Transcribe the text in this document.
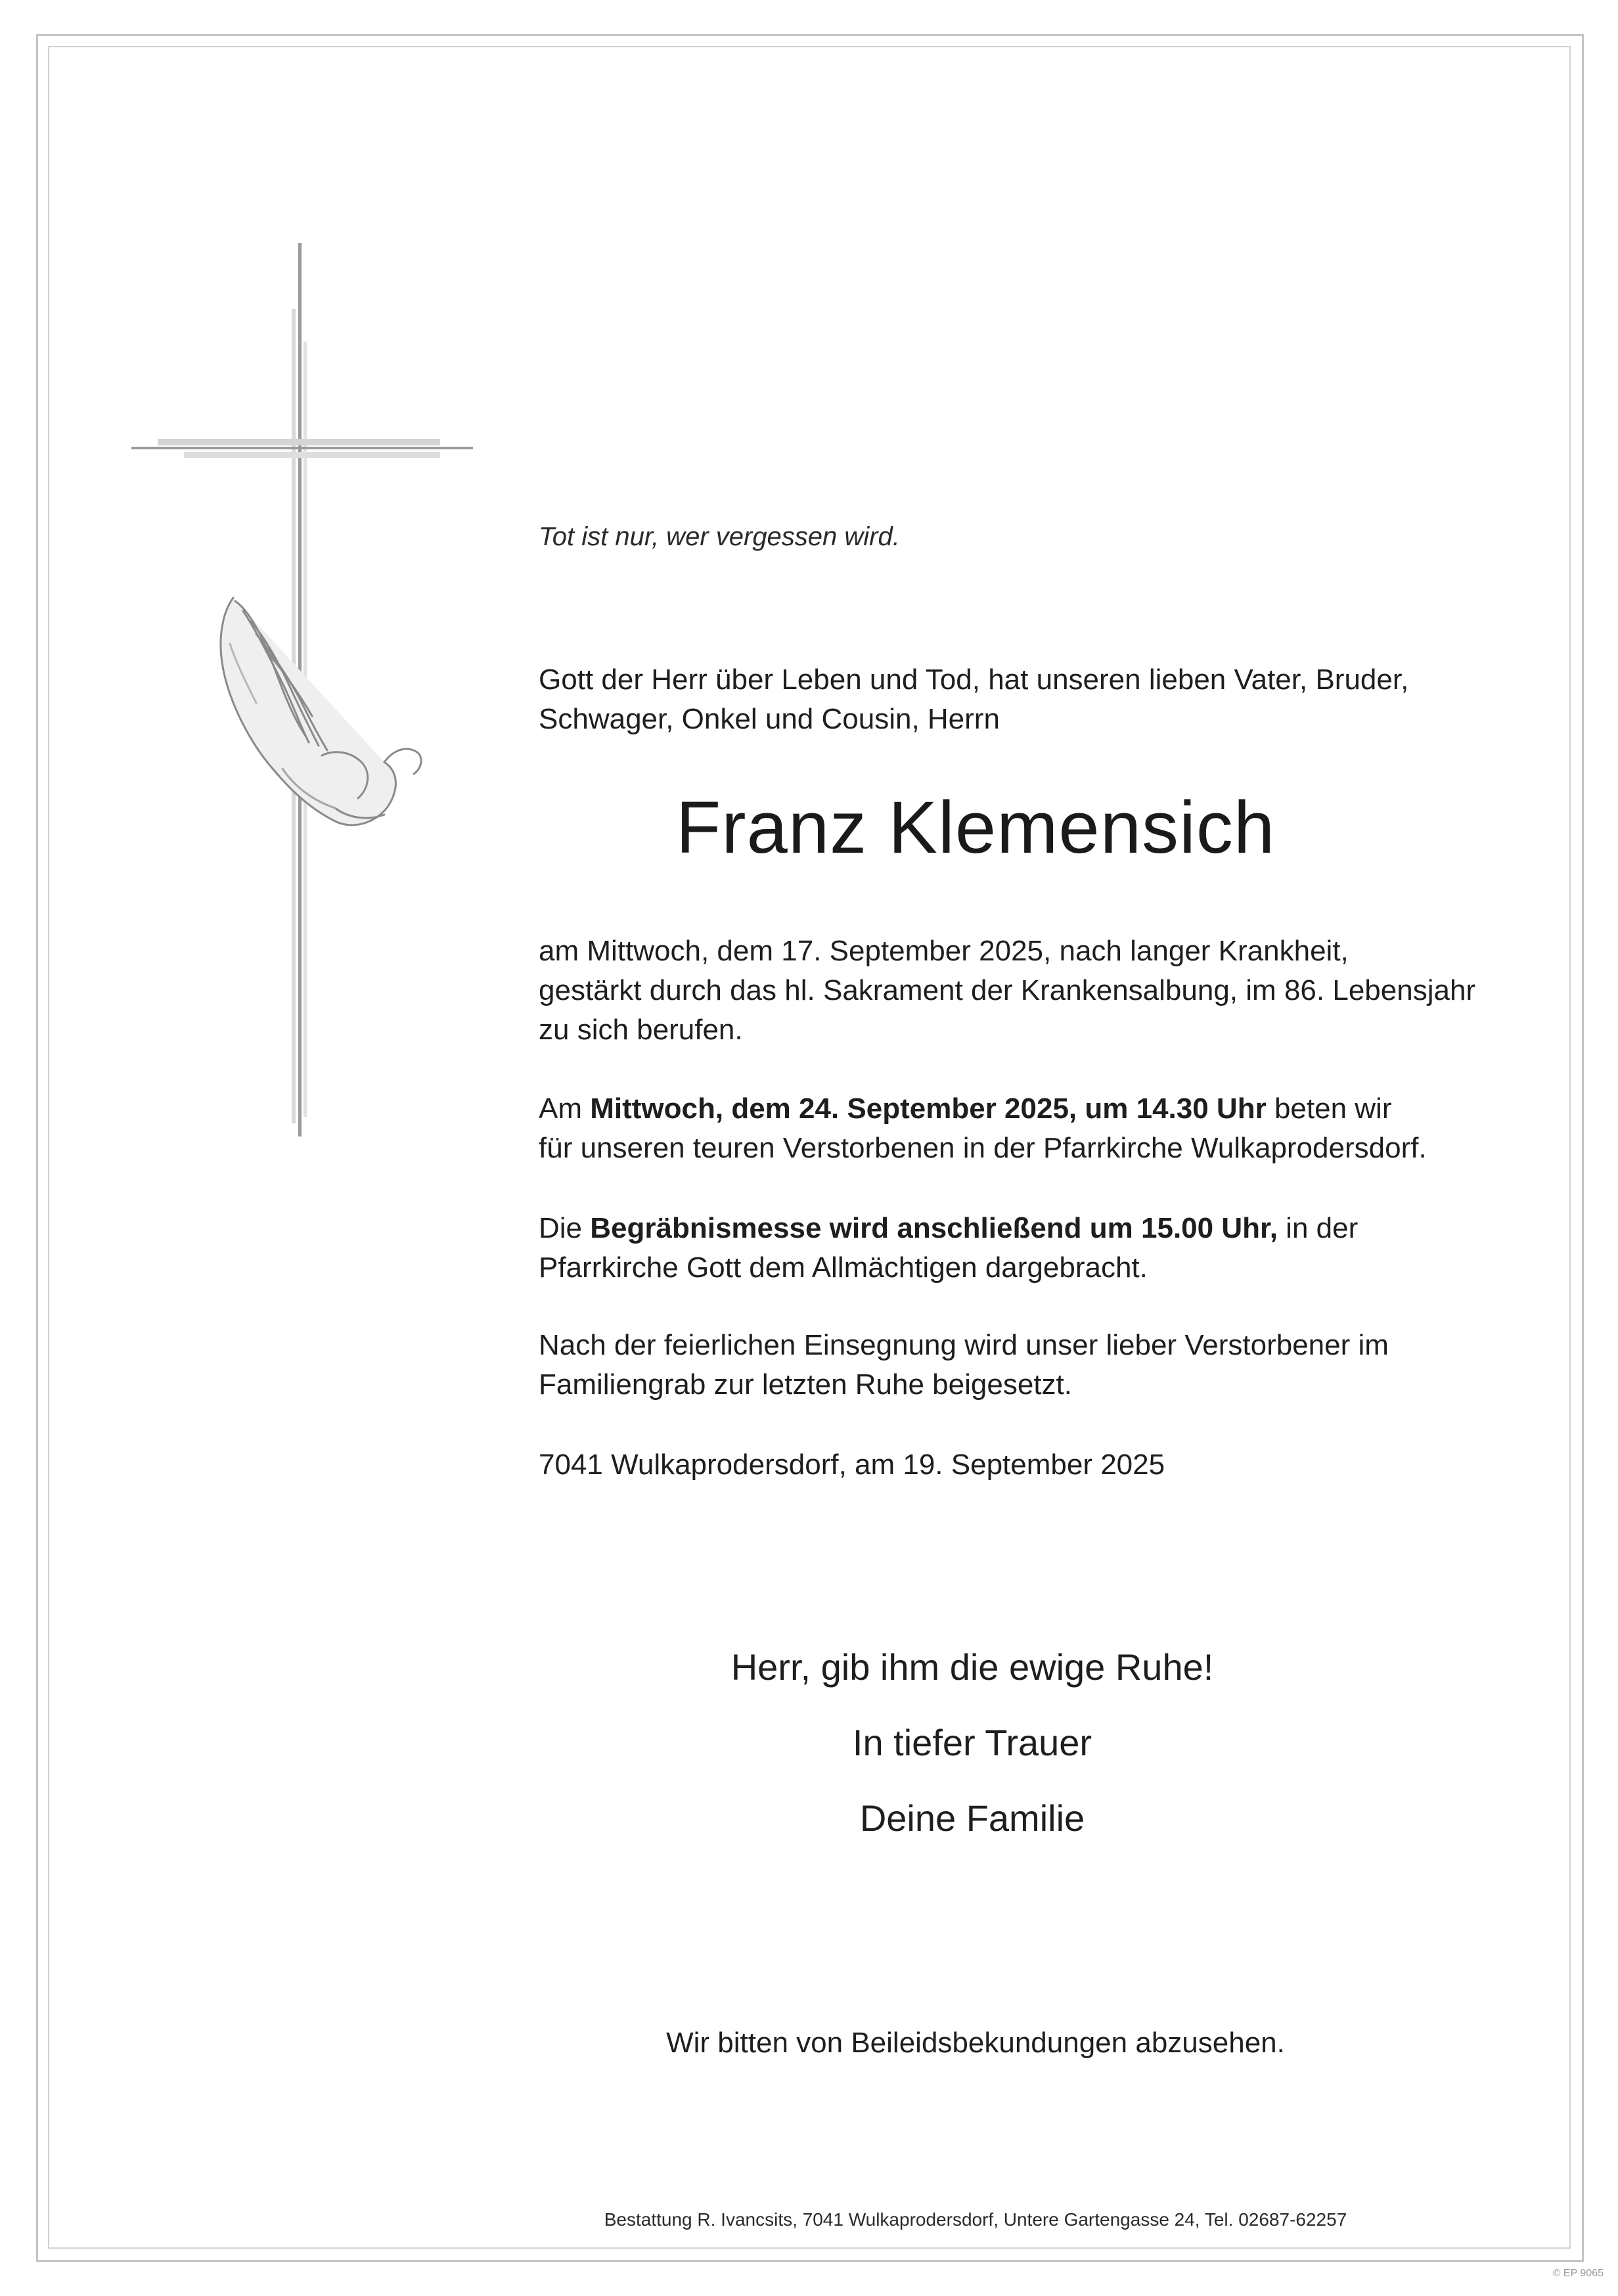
Tot ist nur, wer vergessen wird.
Gott der Herr über Leben und Tod, hat unseren lieben Vater, Bruder,
Schwager, Onkel und Cousin, Herrn
Franz Klemensich
am Mittwoch, dem 17. September 2025, nach langer Krankheit,
gestärkt durch das hl. Sakrament der Krankensalbung, im 86. Lebensjahr
zu sich berufen.
Am Mittwoch, dem 24. September 2025, um 14.30 Uhr beten wir
für unseren teuren Verstorbenen in der Pfarrkirche Wulkaprodersdorf.
Die Begräbnismesse wird anschließend um 15.00 Uhr, in der
Pfarrkirche Gott dem Allmächtigen dargebracht.
Nach der feierlichen Einsegnung wird unser lieber Verstorbener im
Familiengrab zur letzten Ruhe beigesetzt.
7041 Wulkaprodersdorf, am 19. September 2025
Herr, gib ihm die ewige Ruhe!
In tiefer Trauer
Deine Familie
Wir bitten von Beileidsbekundungen abzusehen.
Bestattung R. Ivancsits, 7041 Wulkaprodersdorf, Untere Gartengasse 24, Tel. 02687-62257
© EP 9065
